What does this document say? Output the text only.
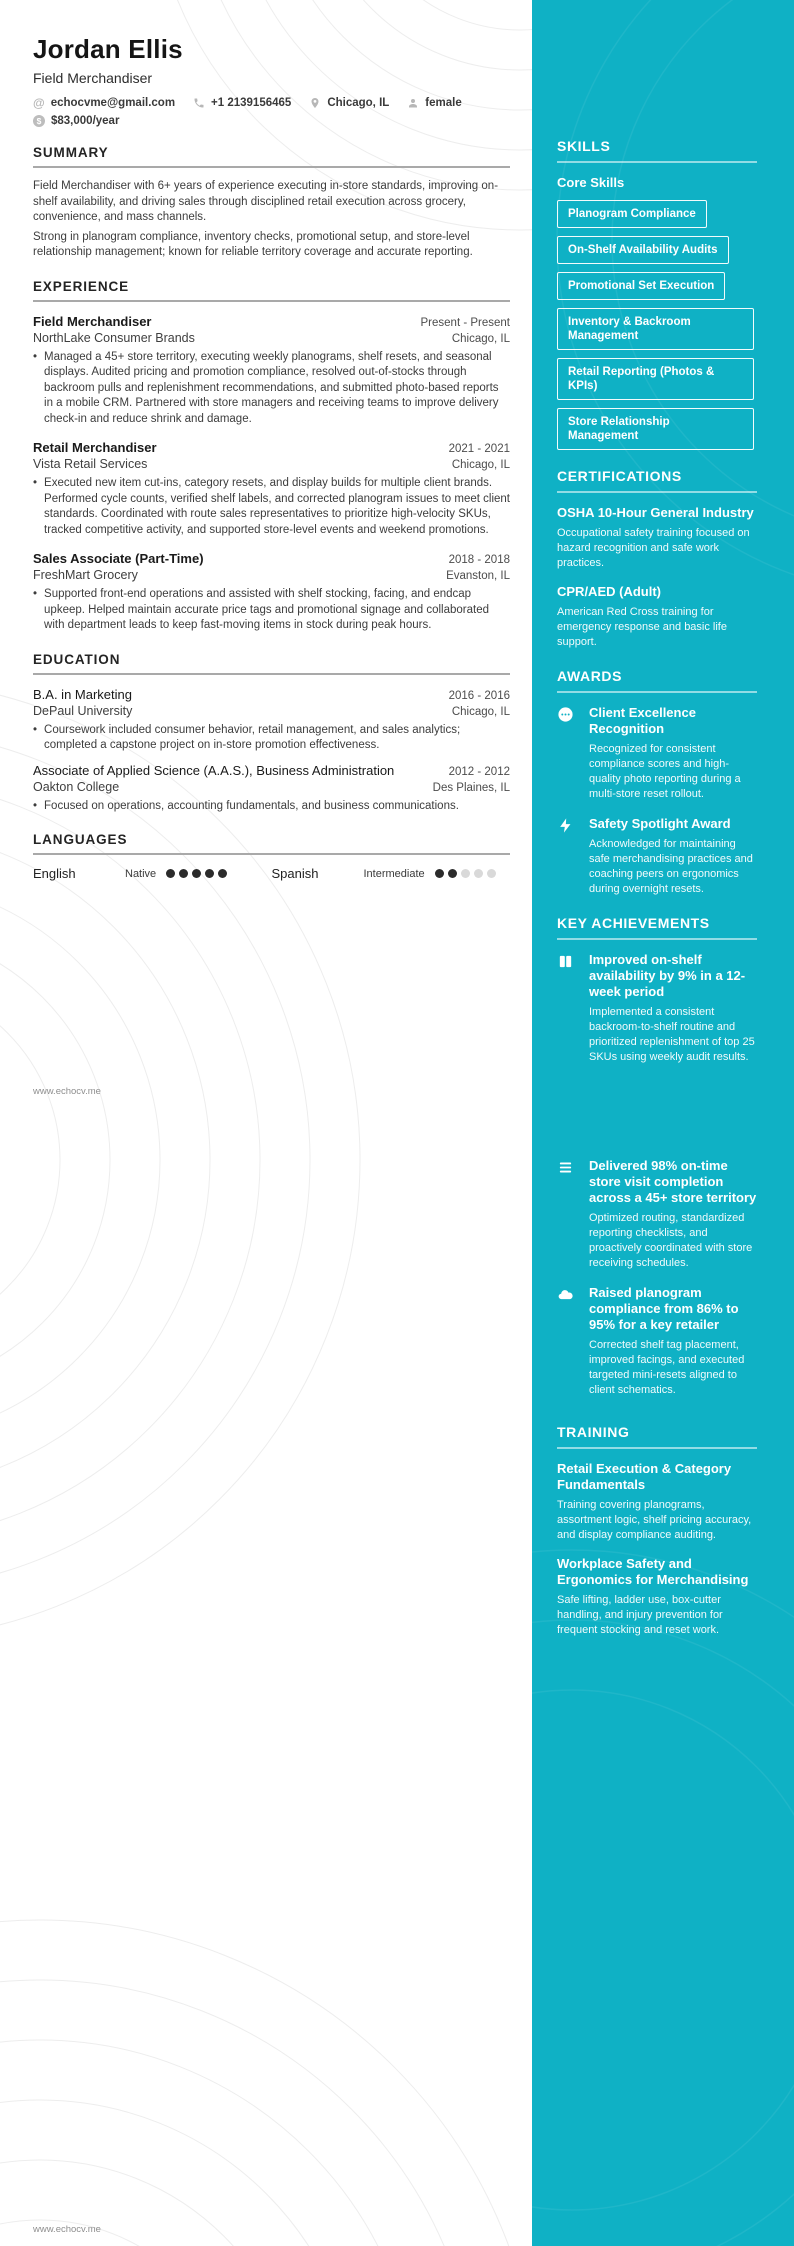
Jordan Ellis
Field Merchandiser
@ echocvme@gmail.com	+1 2139156465	Chicago, IL	female
$ $83,000/year
SUMMARY

Field Merchandiser with 6+ years of experience executing in-store standards, improving on-shelf availability, and driving sales through disciplined retail execution across grocery, convenience, and mass channels.

Strong in planogram compliance, inventory checks, promotional setup, and store-level relationship management; known for reliable territory coverage and accurate reporting.

EXPERIENCE
Field Merchandiser	Present - Present
NorthLake Consumer Brands	Chicago, IL
• Managed a 45+ store territory, executing weekly planograms, shelf resets, and seasonal displays. Audited pricing and promotion compliance, resolved out-of-stocks through backroom pulls and replenishment recommendations, and submitted photo-based reports in a mobile CRM. Partnered with store managers and receiving teams to improve delivery check-in and reduce shrink and damage.
Retail Merchandiser	2021 - 2021
Vista Retail Services	Chicago, IL
• Executed new item cut-ins, category resets, and display builds for multiple client brands. Performed cycle counts, verified shelf labels, and corrected planogram issues to meet client standards. Coordinated with route sales representatives to prioritize high-velocity SKUs, tracked competitive activity, and supported store-level events and weekend promotions.
Sales Associate (Part-Time)	2018 - 2018
FreshMart Grocery	Evanston, IL
• Supported front-end operations and assisted with shelf stocking, facing, and endcap upkeep. Helped maintain accurate price tags and promotional signage and collaborated with department leads to keep fast-moving items in stock during peak hours.
EDUCATION
B.A. in Marketing	2016 - 2016
DePaul University	Chicago, IL
• Coursework included consumer behavior, retail management, and sales analytics; completed a capstone project on in-store promotion effectiveness.
Associate of Applied Science (A.A.S.), Business Administration	2012 - 2012
Oakton College	Des Plaines, IL
• Focused on operations, accounting fundamentals, and business communications.
LANGUAGES
English	Native	Spanish	Intermediate
www.echocv.me
www.echocv.me
SKILLS
Core Skills
Planogram Compliance
On-Shelf Availability Audits
Promotional Set Execution
Inventory & Backroom Management
Retail Reporting (Photos & KPIs)
Store Relationship Management
CERTIFICATIONS
OSHA 10-Hour General Industry
Occupational safety training focused on hazard recognition and safe work practices.
CPR/AED (Adult)
American Red Cross training for emergency response and basic life support.
AWARDS
Client Excellence Recognition
Recognized for consistent compliance scores and high-quality photo reporting during a multi-store reset rollout.
Safety Spotlight Award
Acknowledged for maintaining safe merchandising practices and coaching peers on ergonomics during overnight resets.
KEY ACHIEVEMENTS
Improved on-shelf availability by 9% in a 12-week period
Implemented a consistent backroom-to-shelf routine and prioritized replenishment of top 25 SKUs using weekly audit results.
Delivered 98% on-time store visit completion across a 45+ store territory
Optimized routing, standardized reporting checklists, and proactively coordinated with store receiving schedules.
Raised planogram compliance from 86% to 95% for a key retailer
Corrected shelf tag placement, improved facings, and executed targeted mini-resets aligned to client schematics.
TRAINING
Retail Execution & Category Fundamentals
Training covering planograms, assortment logic, shelf pricing accuracy, and display compliance auditing.
Workplace Safety and Ergonomics for Merchandising
Safe lifting, ladder use, box-cutter handling, and injury prevention for frequent stocking and reset work.
